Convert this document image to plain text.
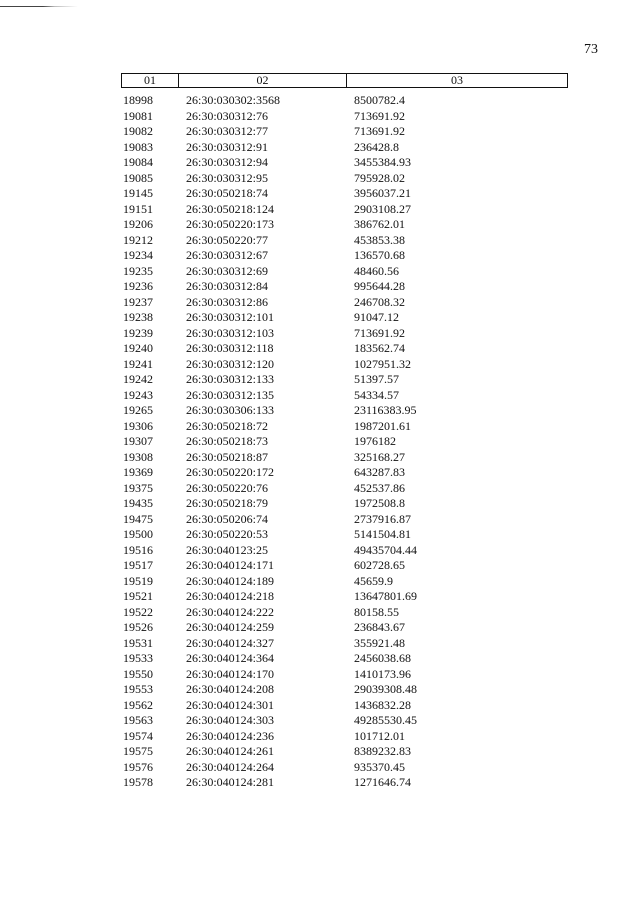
73
01	02	03
18998	26:30:030302:3568	8500782.4
19081	26:30:030312:76	713691.92
19082	26:30:030312:77	713691.92
19083	26:30:030312:91	236428.8
19084	26:30:030312:94	3455384.93
19085	26:30:030312:95	795928.02
19145	26:30:050218:74	3956037.21
19151	26:30:050218:124	2903108.27
19206	26:30:050220:173	386762.01
19212	26:30:050220:77	453853.38
19234	26:30:030312:67	136570.68
19235	26:30:030312:69	48460.56
19236	26:30:030312:84	995644.28
19237	26:30:030312:86	246708.32
19238	26:30:030312:101	91047.12
19239	26:30:030312:103	713691.92
19240	26:30:030312:118	183562.74
19241	26:30:030312:120	1027951.32
19242	26:30:030312:133	51397.57
19243	26:30:030312:135	54334.57
19265	26:30:030306:133	23116383.95
19306	26:30:050218:72	1987201.61
19307	26:30:050218:73	1976182
19308	26:30:050218:87	325168.27
19369	26:30:050220:172	643287.83
19375	26:30:050220:76	452537.86
19435	26:30:050218:79	1972508.8
19475	26:30:050206:74	2737916.87
19500	26:30:050220:53	5141504.81
19516	26:30:040123:25	49435704.44
19517	26:30:040124:171	602728.65
19519	26:30:040124:189	45659.9
19521	26:30:040124:218	13647801.69
19522	26:30:040124:222	80158.55
19526	26:30:040124:259	236843.67
19531	26:30:040124:327	355921.48
19533	26:30:040124:364	2456038.68
19550	26:30:040124:170	1410173.96
19553	26:30:040124:208	29039308.48
19562	26:30:040124:301	1436832.28
19563	26:30:040124:303	49285530.45
19574	26:30:040124:236	101712.01
19575	26:30:040124:261	8389232.83
19576	26:30:040124:264	935370.45
19578	26:30:040124:281	1271646.74
